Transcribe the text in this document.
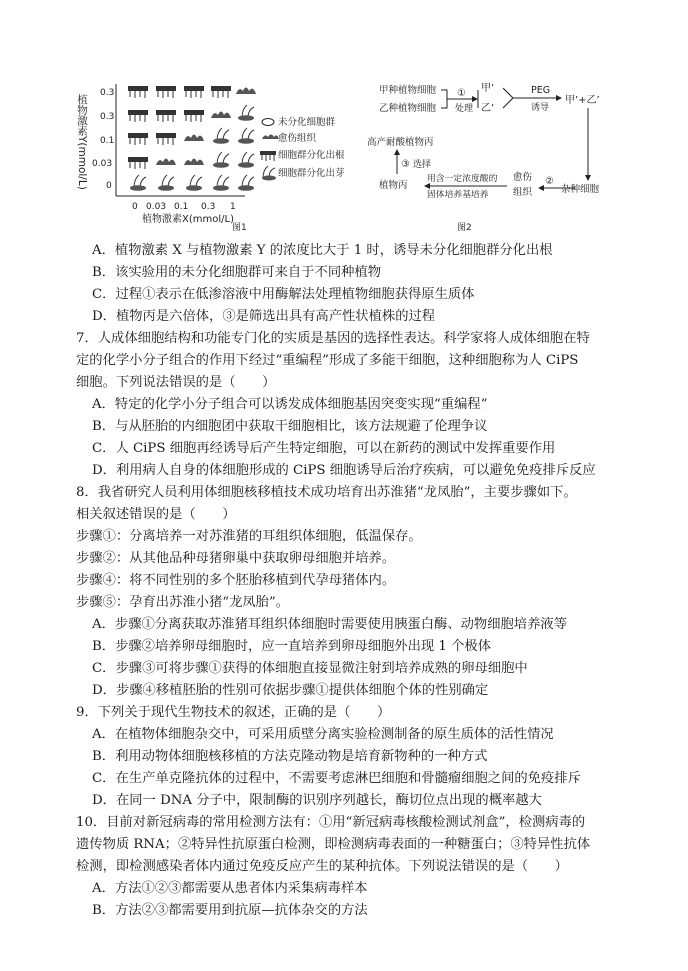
植物激素Y(mmol/L)
0.3
0.3
0.1
0.03
0
0 0.03 0.1 0.3 1
植物激素X(mmol/L)
图1
未分化细胞群
愈伤组织
细胞群分化出根
细胞群分化出芽
甲种植物细胞
乙种植物细胞
①
处理
甲’
乙’
PEG
诱导
甲’+乙’
高产耐酸植物丙
③ 选择
植物丙
用含一定浓度酸的
固体培养基培养
愈伤
组织
②
杂种细胞
图2
A．植物激素 X 与植物激素 Y 的浓度比大于 1 时，诱导未分化细胞群分化出根
B．该实验用的未分化细胞群可来自于不同种植物
C．过程①表示在低渗溶液中用酶解法处理植物细胞获得原生质体
D．植物丙是六倍体，③是筛选出具有高产性状植株的过程
7．人成体细胞结构和功能专门化的实质是基因的选择性表达。科学家将人成体细胞在特
定的化学小分子组合的作用下经过“重编程”形成了多能干细胞，这种细胞称为人 CiPS
细胞。下列说法错误的是（　　）
A．特定的化学小分子组合可以诱发成体细胞基因突变实现“重编程”
B．与从胚胎的内细胞团中获取干细胞相比，该方法规避了伦理争议
C．人 CiPS 细胞再经诱导后产生特定细胞，可以在新药的测试中发挥重要作用
D．利用病人自身的体细胞形成的 CiPS 细胞诱导后治疗疾病，可以避免免疫排斥反应
8．我省研究人员利用体细胞核移植技术成功培育出苏淮猪“龙凤胎”，主要步骤如下。
相关叙述错误的是（　　）
步骤①：分离培养一对苏淮猪的耳组织体细胞，低温保存。
步骤②：从其他品种母猪卵巢中获取卵母细胞并培养。
步骤④：将不同性别的多个胚胎移植到代孕母猪体内。
步骤⑤：孕育出苏淮小猪“龙凤胎”。
A．步骤①分离获取苏淮猪耳组织体细胞时需要使用胰蛋白酶、动物细胞培养液等
B．步骤②培养卵母细胞时，应一直培养到卵母细胞外出现 1 个极体
C．步骤③可将步骤①获得的体细胞直接显微注射到培养成熟的卵母细胞中
D．步骤④移植胚胎的性别可依据步骤①提供体细胞个体的性别确定
9．下列关于现代生物技术的叙述，正确的是（　　）
A．在植物体细胞杂交中，可采用质壁分离实验检测制备的原生质体的活性情况
B．利用动物体细胞核移植的方法克隆动物是培育新物种的一种方式
C．在生产单克隆抗体的过程中，不需要考虑淋巴细胞和骨髓瘤细胞之间的免疫排斥
D．在同一 DNA 分子中，限制酶的识别序列越长，酶切位点出现的概率越大
10．目前对新冠病毒的常用检测方法有：①用“新冠病毒核酸检测试剂盒”，检测病毒的
遗传物质 RNA；②特异性抗原蛋白检测，即检测病毒表面的一种糖蛋白；③特异性抗体
检测，即检测感染者体内通过免疫反应产生的某种抗体。下列说法错误的是（　　）
A．方法①②③都需要从患者体内采集病毒样本
B．方法②③都需要用到抗原—抗体杂交的方法
